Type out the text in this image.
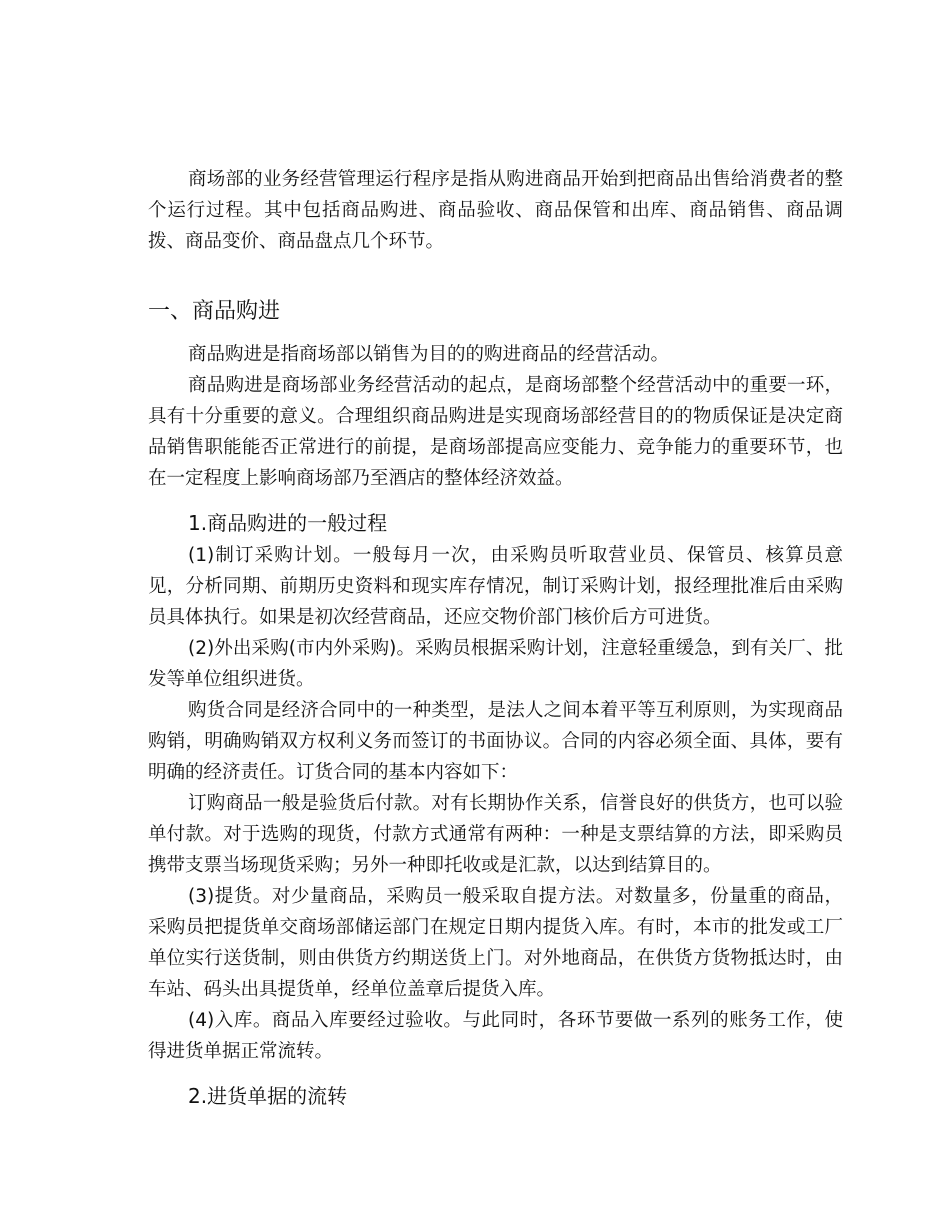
商场部的业务经营管理运行程序是指从购进商品开始到把商品出售给消费者的整个运行过程。其中包括商品购进、商品验收、商品保管和出库、商品销售、商品调拨、商品变价、商品盘点几个环节。

一、商品购进

商品购进是指商场部以销售为目的的购进商品的经营活动。

商品购进是商场部业务经营活动的起点，是商场部整个经营活动中的重要一环，具有十分重要的意义。合理组织商品购进是实现商场部经营目的的物质保证是决定商品销售职能能否正常进行的前提，是商场部提高应变能力、竞争能力的重要环节，也在一定程度上影响商场部乃至酒店的整体经济效益。

1.商品购进的一般过程

(1)制订采购计划。一般每月一次，由采购员听取营业员、保管员、核算员意见，分析同期、前期历史资料和现实库存情况，制订采购计划，报经理批准后由采购员具体执行。如果是初次经营商品，还应交物价部门核价后方可进货。

(2)外出采购(市内外采购)。采购员根据采购计划，注意轻重缓急，到有关厂、批发等单位组织进货。

购货合同是经济合同中的一种类型，是法人之间本着平等互利原则，为实现商品购销，明确购销双方权利义务而签订的书面协议。合同的内容必须全面、具体，要有明确的经济责任。订货合同的基本内容如下：

订购商品一般是验货后付款。对有长期协作关系，信誉良好的供货方，也可以验单付款。对于选购的现货，付款方式通常有两种：一种是支票结算的方法，即采购员携带支票当场现货采购；另外一种即托收或是汇款，以达到结算目的。

(3)提货。对少量商品，采购员一般采取自提方法。对数量多，份量重的商品，采购员把提货单交商场部储运部门在规定日期内提货入库。有时，本市的批发或工厂单位实行送货制，则由供货方约期送货上门。对外地商品，在供货方货物抵达时，由车站、码头出具提货单，经单位盖章后提货入库。

(4)入库。商品入库要经过验收。与此同时，各环节要做一系列的账务工作，使得进货单据正常流转。

2.进货单据的流转
